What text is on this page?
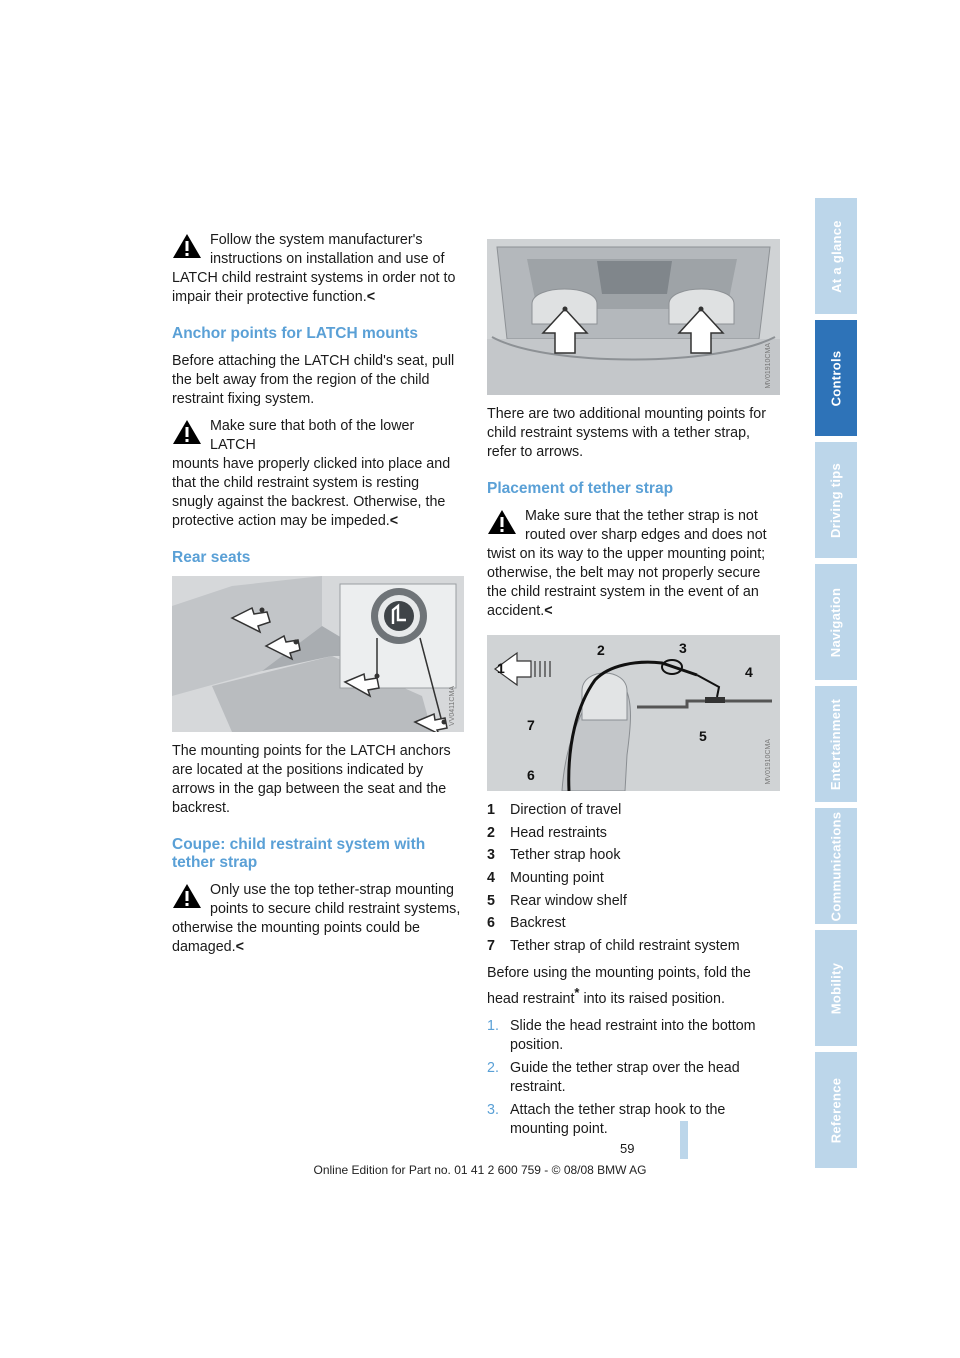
At a glance
Controls
Driving tips
Navigation
Entertainment
Communications
Mobility
Reference
Follow the system manufacturer's
instructions on installation and use of LATCH child restraint systems in order not to impair their protective function.<
Anchor points for LATCH mounts

Before attaching the LATCH child's seat, pull the belt away from the region of the child restraint fixing system.

Make sure that both of the lower LATCH
mounts have properly clicked into place and that the child restraint system is resting snugly against the backrest. Otherwise, the protective action may be impeded.<
Rear seats
VV0411CMA

The mounting points for the LATCH anchors are located at the positions indicated by arrows in the gap between the seat and the backrest.

Coupe: child restraint system with tether strap
Only use the top tether-strap mounting
points to secure child restraint systems, otherwise the mounting points could be damaged.<
MV01910CMA

There are two additional mounting points for child restraint systems with a tether strap, refer to arrows.

Placement of tether strap
Make sure that the tether strap is not
routed over sharp edges and does not twist on its way to the upper mounting point; otherwise, the belt may not properly secure the child restraint system in the event of an accident.<
1
2	3
4
5
6
7
MV01910CMA
1	Direction of travel
2	Head restraints
3	Tether strap hook
4	Mounting point
5	Rear window shelf
6	Backrest
7	Tether strap of child restraint system

Before using the mounting points, fold the head restraint* into its raised position.

1. Slide the head restraint into the bottom position.
2. Guide the tether strap over the head restraint.
3. Attach the tether strap hook to the mounting point.
59
Online Edition for Part no. 01 41 2 600 759 - © 08/08 BMW AG
